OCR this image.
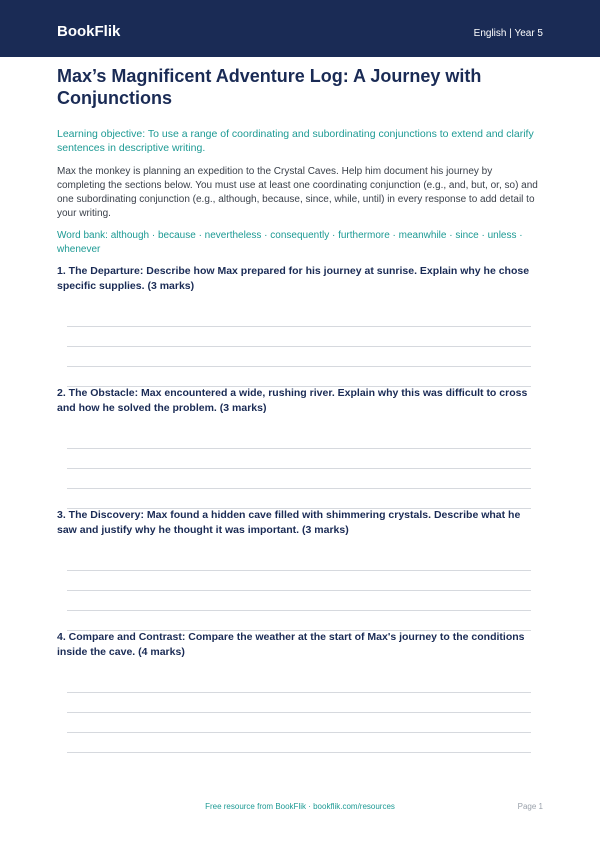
BookFlik	English | Year 5
Max’s Magnificent Adventure Log: A Journey with Conjunctions

Learning objective: To use a range of coordinating and subordinating conjunctions to extend and clarify sentences in descriptive writing.

Max the monkey is planning an expedition to the Crystal Caves. Help him document his journey by completing the sections below. You must use at least one coordinating conjunction (e.g., and, but, or, so) and one subordinating conjunction (e.g., although, because, since, while, until) in every response to add detail to your writing.

Word bank: although · because · nevertheless · consequently · furthermore · meanwhile · since · unless · whenever

1. The Departure: Describe how Max prepared for his journey at sunrise. Explain why he chose specific supplies. (3 marks)

2. The Obstacle: Max encountered a wide, rushing river. Explain why this was difficult to cross and how he solved the problem. (3 marks)

3. The Discovery: Max found a hidden cave filled with shimmering crystals. Describe what he saw and justify why he thought it was important. (3 marks)

4. Compare and Contrast: Compare the weather at the start of Max's journey to the conditions inside the cave. (4 marks)

Free resource from BookFlik · bookflik.com/resources	Page 1
